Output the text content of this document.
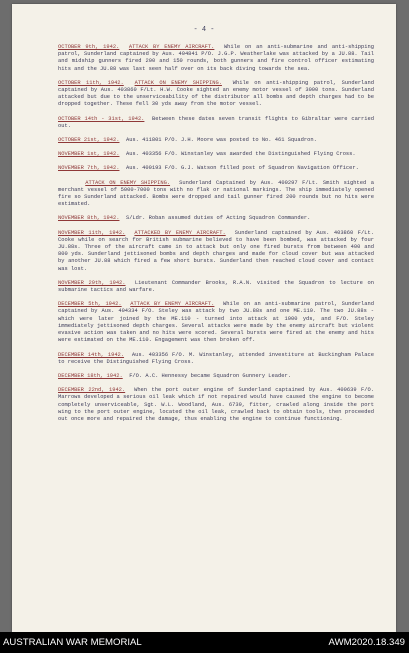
- 4 -

OCTOBER 9th, 1942. ATTACK BY ENEMY AIRCRAFT. While on an anti-submarine and anti-shipping patrol, Sunderland captained by Aus. 404841 P/O. J.G.P. Weatherlake was attacked by a JU.88. Tail and midship gunners fired 200 and 150 rounds, both gunners and fire control officer estimating hits and the JU.88 was last seen half over on its back diving towards the sea.

OCTOBER 11th, 1942. ATTACK ON ENEMY SHIPPING. While on anti-shipping patrol, Sunderland captained by Aus. 403860 F/Lt. H.W. Cooke sighted an enemy motor vessel of 3000 tons. Sunderland attacked but due to the unserviceability of the distributor all bombs and depth charges had to be dropped together. These fell 30 yds away from the motor vessel.

OCTOBER 14th - 31st, 1942. Between these dates seven transit flights to Gibraltar were carried out.

OCTOBER 21st, 1942. Aus. 411801 P/O. J.H. Moore was posted to No. 461 Squadron.

NOVEMBER 1st, 1942. Aus. 403356 F/O. Winstanley was awarded the Distinguished Flying Cross.

NOVEMBER 7th, 1942. Aus. 400193 F/O. G.J. Watson filled post of Squadron Navigation Officer.

ATTACK ON ENEMY SHIPPING. Sunderland Captained by Aus. 400297 F/Lt. Smith sighted a merchant vessel of 5000-7000 tons with no flak or national markings. The ship immediately opened fire so Sunderland attacked. Bombs were dropped and tail gunner fired 200 rounds but no hits were estimated.

NOVEMBER 8th, 1942. S/Ldr. Roban assumed duties of Acting Squadron Commander.

NOVEMBER 11th, 1942. ATTACKED BY ENEMY AIRCRAFT. Sunderland captained by Aus. 403860 F/Lt. Cooke while on search for British submarine believed to have been bombed, was attacked by four JU.88s. Three of the aircraft came in to attack but only one fired bursts from between 400 and 800 yds. Sunderland jettisoned bombs and depth charges and made for cloud cover but was attacked by another JU.88 which fired a few short bursts. Sunderland then reached cloud cover and contact was lost.

NOVEMBER 29th, 1942. Lieutenant Commander Brooks, R.A.N. visited the Squadron to lecture on submarine tactics and warfare.

DECEMBER 5th, 1942. ATTACK BY ENEMY AIRCRAFT. While on an anti-submarine patrol, Sunderland captained by Aus. 404334 F/O. Steley was attack by two JU.88s and one ME.110. The two JU.88s - which were later joined by the ME.110 - turned into attack at 1000 yds, and F/O. Steley immediately jettisoned depth charges. Several attacks were made by the enemy aircraft but violent evasive action was taken and no hits were scored. Several bursts were fired at the enemy and hits were estimated on the ME.110. Engagement was then broken off.

DECEMBER 14th, 1942. Aus. 403356 F/O. M. Winstanley, attended investiture at Buckingham Palace to receive the Distinguished Flying Cross.

DECEMBER 18th, 1942. F/O. A.C. Hennessy became Squadron Gunnery Leader.

DECEMBER 22nd, 1942. When the port outer engine of Sunderland captained by Aus. 400639 F/O. Marrows developed a serious oil leak which if not repaired would have caused the engine to become completely unserviceable, Sgt. W.L. Woodland, Aus. 6739, fitter, crawled along inside the port wing to the port outer engine, located the oil leak, crawled back to obtain tools, then proceeded out once more and repaired the damage, thus enabling the engine to continue functioning.

AUSTRALIAN WAR MEMORIAL	AWM2020.18.349
